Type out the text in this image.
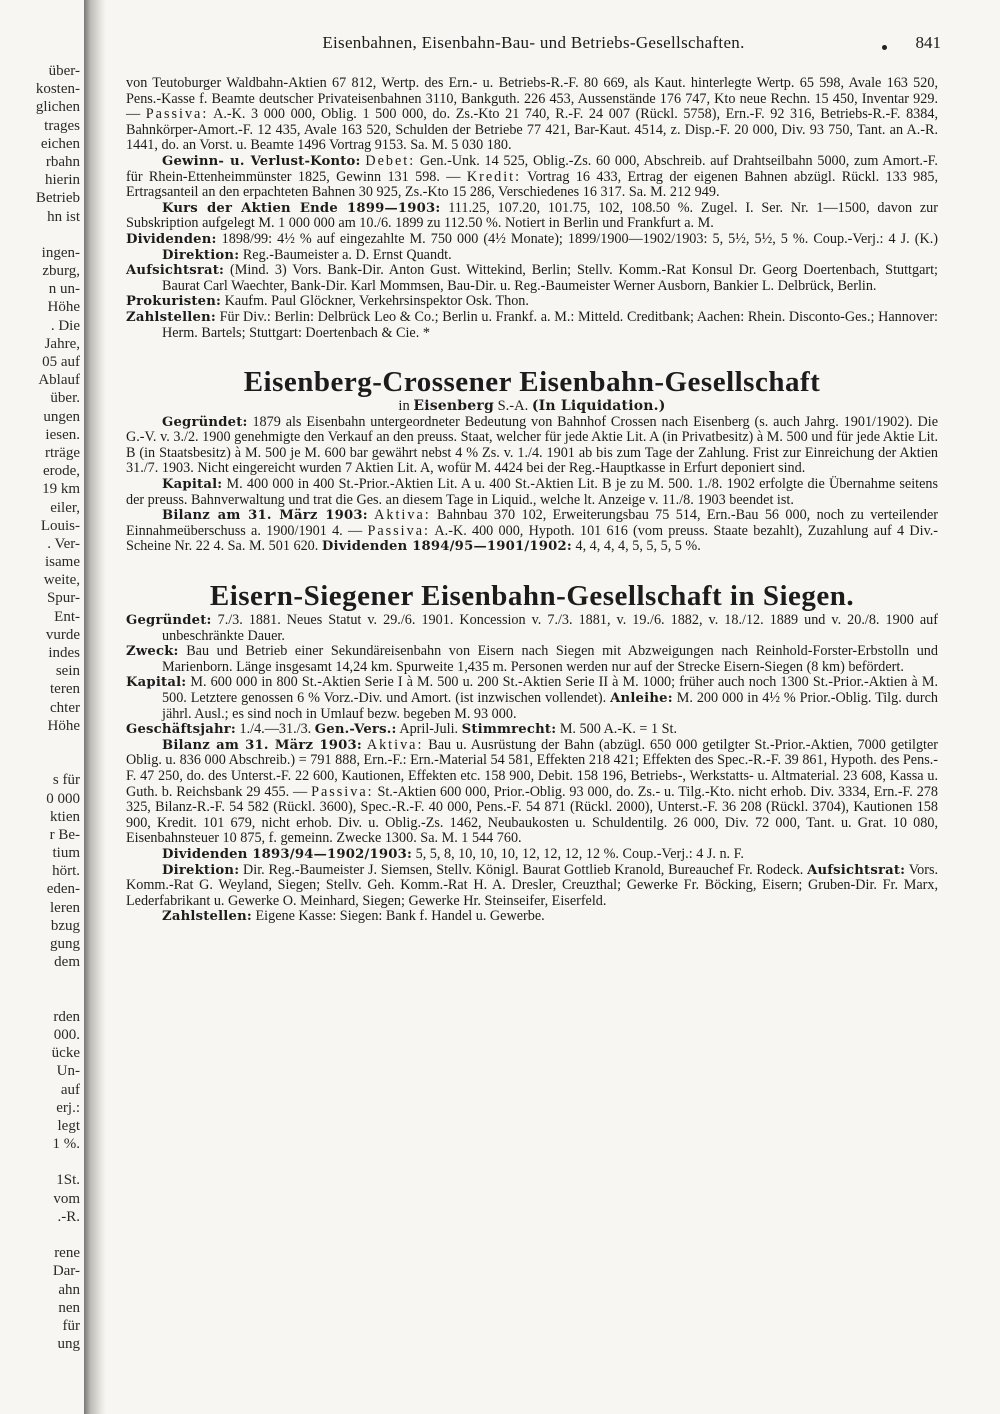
über-
kosten-
glichen
trages
eichen
rbahn
hierin
Betrieb
hn ist
ingen-
zburg,
n un-
Höhe
. Die
Jahre,
05 auf
Ablauf
über.
ungen
iesen.
rträge
erode,
19 km
eiler,
Louis-
. Ver-
isame
weite,
Spur-
Ent-
vurde
indes
sein
teren
chter
Höhe
s für
0 000
ktien
r Be-
tium
hört.
eden-
leren
bzug
gung
dem
rden
000.
ücke
Un-
auf
erj.:
legt
1 %.
1St.
vom
.-R.
rene
Dar-
ahn
nen
für
ung
Eisenbahnen, Eisenbahn-Bau- und Betriebs-Gesellschaften.	841

von Teutoburger Waldbahn-Aktien 67 812, Wertp. des Ern.- u. Betriebs-R.-F. 80 669, als Kaut. hinterlegte Wertp. 65 598, Avale 163 520, Pens.-Kasse f. Beamte deutscher Privateisenbahnen 3110, Bankguth. 226 453, Aussenstände 176 747, Kto neue Rechn. 15 450, Inventar 929. — Passiva: A.-K. 3 000 000, Oblig. 1 500 000, do. Zs.-Kto 21 740, R.-F. 24 007 (Rückl. 5758), Ern.-F. 92 316, Betriebs-R.-F. 8384, Bahnkörper-Amort.-F. 12 435, Avale 163 520, Schulden der Betriebe 77 421, Bar-Kaut. 4514, z. Disp.-F. 20 000, Div. 93 750, Tant. an A.-R. 1441, do. an Vorst. u. Beamte 1496 Vortrag 9153. Sa. M. 5 030 180.

Gewinn- u. Verlust-Konto: Debet: Gen.-Unk. 14 525, Oblig.-Zs. 60 000, Abschreib. auf Drahtseilbahn 5000, zum Amort.-F. für Rhein-Ettenheimmünster 1825, Gewinn 131 598. — Kredit: Vortrag 16 433, Ertrag der eigenen Bahnen abzügl. Rückl. 133 985, Ertragsanteil an den erpachteten Bahnen 30 925, Zs.-Kto 15 286, Verschiedenes 16 317. Sa. M. 212 949.

Kurs der Aktien Ende 1899—1903: 111.25, 107.20, 101.75, 102, 108.50 %. Zugel. I. Ser. Nr. 1—1500, davon zur Subskription aufgelegt M. 1 000 000 am 10./6. 1899 zu 112.50 %. Notiert in Berlin und Frankfurt a. M.

Dividenden: 1898/99: 4½ % auf eingezahlte M. 750 000 (4½ Monate); 1899/1900—1902/1903: 5, 5½, 5½, 5 %. Coup.-Verj.: 4 J. (K.) Direktion: Reg.-Baumeister a. D. Ernst Quandt.

Aufsichtsrat: (Mind. 3) Vors. Bank-Dir. Anton Gust. Wittekind, Berlin; Stellv. Komm.-Rat Konsul Dr. Georg Doertenbach, Stuttgart; Baurat Carl Waechter, Bank-Dir. Karl Mommsen, Bau-Dir. u. Reg.-Baumeister Werner Ausborn, Bankier L. Delbrück, Berlin.

Prokuristen: Kaufm. Paul Glöckner, Verkehrsinspektor Osk. Thon.

Zahlstellen: Für Div.: Berlin: Delbrück Leo & Co.; Berlin u. Frankf. a. M.: Mitteld. Creditbank; Aachen: Rhein. Disconto-Ges.; Hannover: Herm. Bartels; Stuttgart: Doertenbach & Cie. *

Eisenberg-Crossener Eisenbahn-Gesellschaft

in Eisenberg S.-A. (In Liquidation.)

Gegründet: 1879 als Eisenbahn untergeordneter Bedeutung von Bahnhof Crossen nach Eisenberg (s. auch Jahrg. 1901/1902). Die G.-V. v. 3./2. 1900 genehmigte den Verkauf an den preuss. Staat, welcher für jede Aktie Lit. A (in Privatbesitz) à M. 500 und für jede Aktie Lit. B (in Staatsbesitz) à M. 500 je M. 600 bar gewährt nebst 4 % Zs. v. 1./4. 1901 ab bis zum Tage der Zahlung. Frist zur Einreichung der Aktien 31./7. 1903. Nicht eingereicht wurden 7 Aktien Lit. A, wofür M. 4424 bei der Reg.-Hauptkasse in Erfurt deponiert sind.

Kapital: M. 400 000 in 400 St.-Prior.-Aktien Lit. A u. 400 St.-Aktien Lit. B je zu M. 500. 1./8. 1902 erfolgte die Übernahme seitens der preuss. Bahnverwaltung und trat die Ges. an diesem Tage in Liquid., welche lt. Anzeige v. 11./8. 1903 beendet ist.

Bilanz am 31. März 1903: Aktiva: Bahnbau 370 102, Erweiterungsbau 75 514, Ern.-Bau 56 000, noch zu verteilender Einnahmeüberschuss a. 1900/1901 4. — Passiva: A.-K. 400 000, Hypoth. 101 616 (vom preuss. Staate bezahlt), Zuzahlung auf 4 Div.-Scheine Nr. 22 4. Sa. M. 501 620. Dividenden 1894/95—1901/1902: 4, 4, 4, 4, 5, 5, 5, 5 %.

Eisern-Siegener Eisenbahn-Gesellschaft in Siegen.

Gegründet: 7./3. 1881. Neues Statut v. 29./6. 1901. Koncession v. 7./3. 1881, v. 19./6. 1882, v. 18./12. 1889 und v. 20./8. 1900 auf unbeschränkte Dauer.

Zweck: Bau und Betrieb einer Sekundäreisenbahn von Eisern nach Siegen mit Abzweigungen nach Reinhold-Forster-Erbstolln und Marienborn. Länge insgesamt 14,24 km. Spurweite 1,435 m. Personen werden nur auf der Strecke Eisern-Siegen (8 km) befördert.

Kapital: M. 600 000 in 800 St.-Aktien Serie I à M. 500 u. 200 St.-Aktien Serie II à M. 1000; früher auch noch 1300 St.-Prior.-Aktien à M. 500. Letztere genossen 6 % Vorz.-Div. und Amort. (ist inzwischen vollendet). Anleihe: M. 200 000 in 4½ % Prior.-Oblig. Tilg. durch jährl. Ausl.; es sind noch in Umlauf bezw. begeben M. 93 000.

Geschäftsjahr: 1./4.—31./3. Gen.-Vers.: April-Juli. Stimmrecht: M. 500 A.-K. = 1 St.

Bilanz am 31. März 1903: Aktiva: Bau u. Ausrüstung der Bahn (abzügl. 650 000 getilgter St.-Prior.-Aktien, 7000 getilgter Oblig. u. 836 000 Abschreib.) = 791 888, Ern.-F.: Ern.-Material 54 581, Effekten 218 421; Effekten des Spec.-R.-F. 39 861, Hypoth. des Pens.-F. 47 250, do. des Unterst.-F. 22 600, Kautionen, Effekten etc. 158 900, Debit. 158 196, Betriebs-, Werkstatts- u. Altmaterial. 23 608, Kassa u. Guth. b. Reichsbank 29 455. — Passiva: St.-Aktien 600 000, Prior.-Oblig. 93 000, do. Zs.- u. Tilg.-Kto. nicht erhob. Div. 3334, Ern.-F. 278 325, Bilanz-R.-F. 54 582 (Rückl. 3600), Spec.-R.-F. 40 000, Pens.-F. 54 871 (Rückl. 2000), Unterst.-F. 36 208 (Rückl. 3704), Kautionen 158 900, Kredit. 101 679, nicht erhob. Div. u. Oblig.-Zs. 1462, Neubaukosten u. Schuldentilg. 26 000, Div. 72 000, Tant. u. Grat. 10 080, Eisenbahnsteuer 10 875, f. gemeinn. Zwecke 1300. Sa. M. 1 544 760.

Dividenden 1893/94—1902/1903: 5, 5, 8, 10, 10, 10, 12, 12, 12, 12 %. Coup.-Verj.: 4 J. n. F.

Direktion: Dir. Reg.-Baumeister J. Siemsen, Stellv. Königl. Baurat Gottlieb Kranold, Bureauchef Fr. Rodeck. Aufsichtsrat: Vors. Komm.-Rat G. Weyland, Siegen; Stellv. Geh. Komm.-Rat H. A. Dresler, Creuzthal; Gewerke Fr. Böcking, Eisern; Gruben-Dir. Fr. Marx, Lederfabrikant u. Gewerke O. Meinhard, Siegen; Gewerke Hr. Steinseifer, Eiserfeld.

Zahlstellen: Eigene Kasse: Siegen: Bank f. Handel u. Gewerbe.
